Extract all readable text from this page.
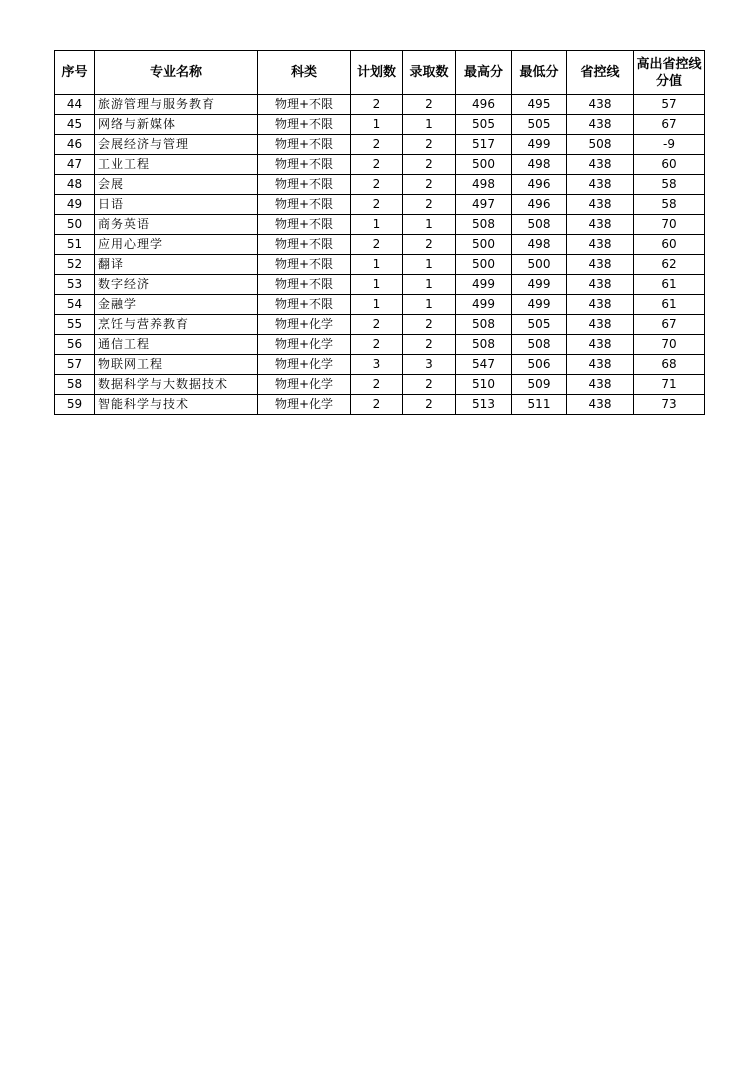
序号	专业名称	科类	计划数	录取数	最高分	最低分	省控线	高出省控线分值
44	旅游管理与服务教育	物理+不限	2	2	496	495	438	57
45	网络与新媒体	物理+不限	1	1	505	505	438	67
46	会展经济与管理	物理+不限	2	2	517	499	508	-9
47	工业工程	物理+不限	2	2	500	498	438	60
48	会展	物理+不限	2	2	498	496	438	58
49	日语	物理+不限	2	2	497	496	438	58
50	商务英语	物理+不限	1	1	508	508	438	70
51	应用心理学	物理+不限	2	2	500	498	438	60
52	翻译	物理+不限	1	1	500	500	438	62
53	数字经济	物理+不限	1	1	499	499	438	61
54	金融学	物理+不限	1	1	499	499	438	61
55	烹饪与营养教育	物理+化学	2	2	508	505	438	67
56	通信工程	物理+化学	2	2	508	508	438	70
57	物联网工程	物理+化学	3	3	547	506	438	68
58	数据科学与大数据技术	物理+化学	2	2	510	509	438	71
59	智能科学与技术	物理+化学	2	2	513	511	438	73
